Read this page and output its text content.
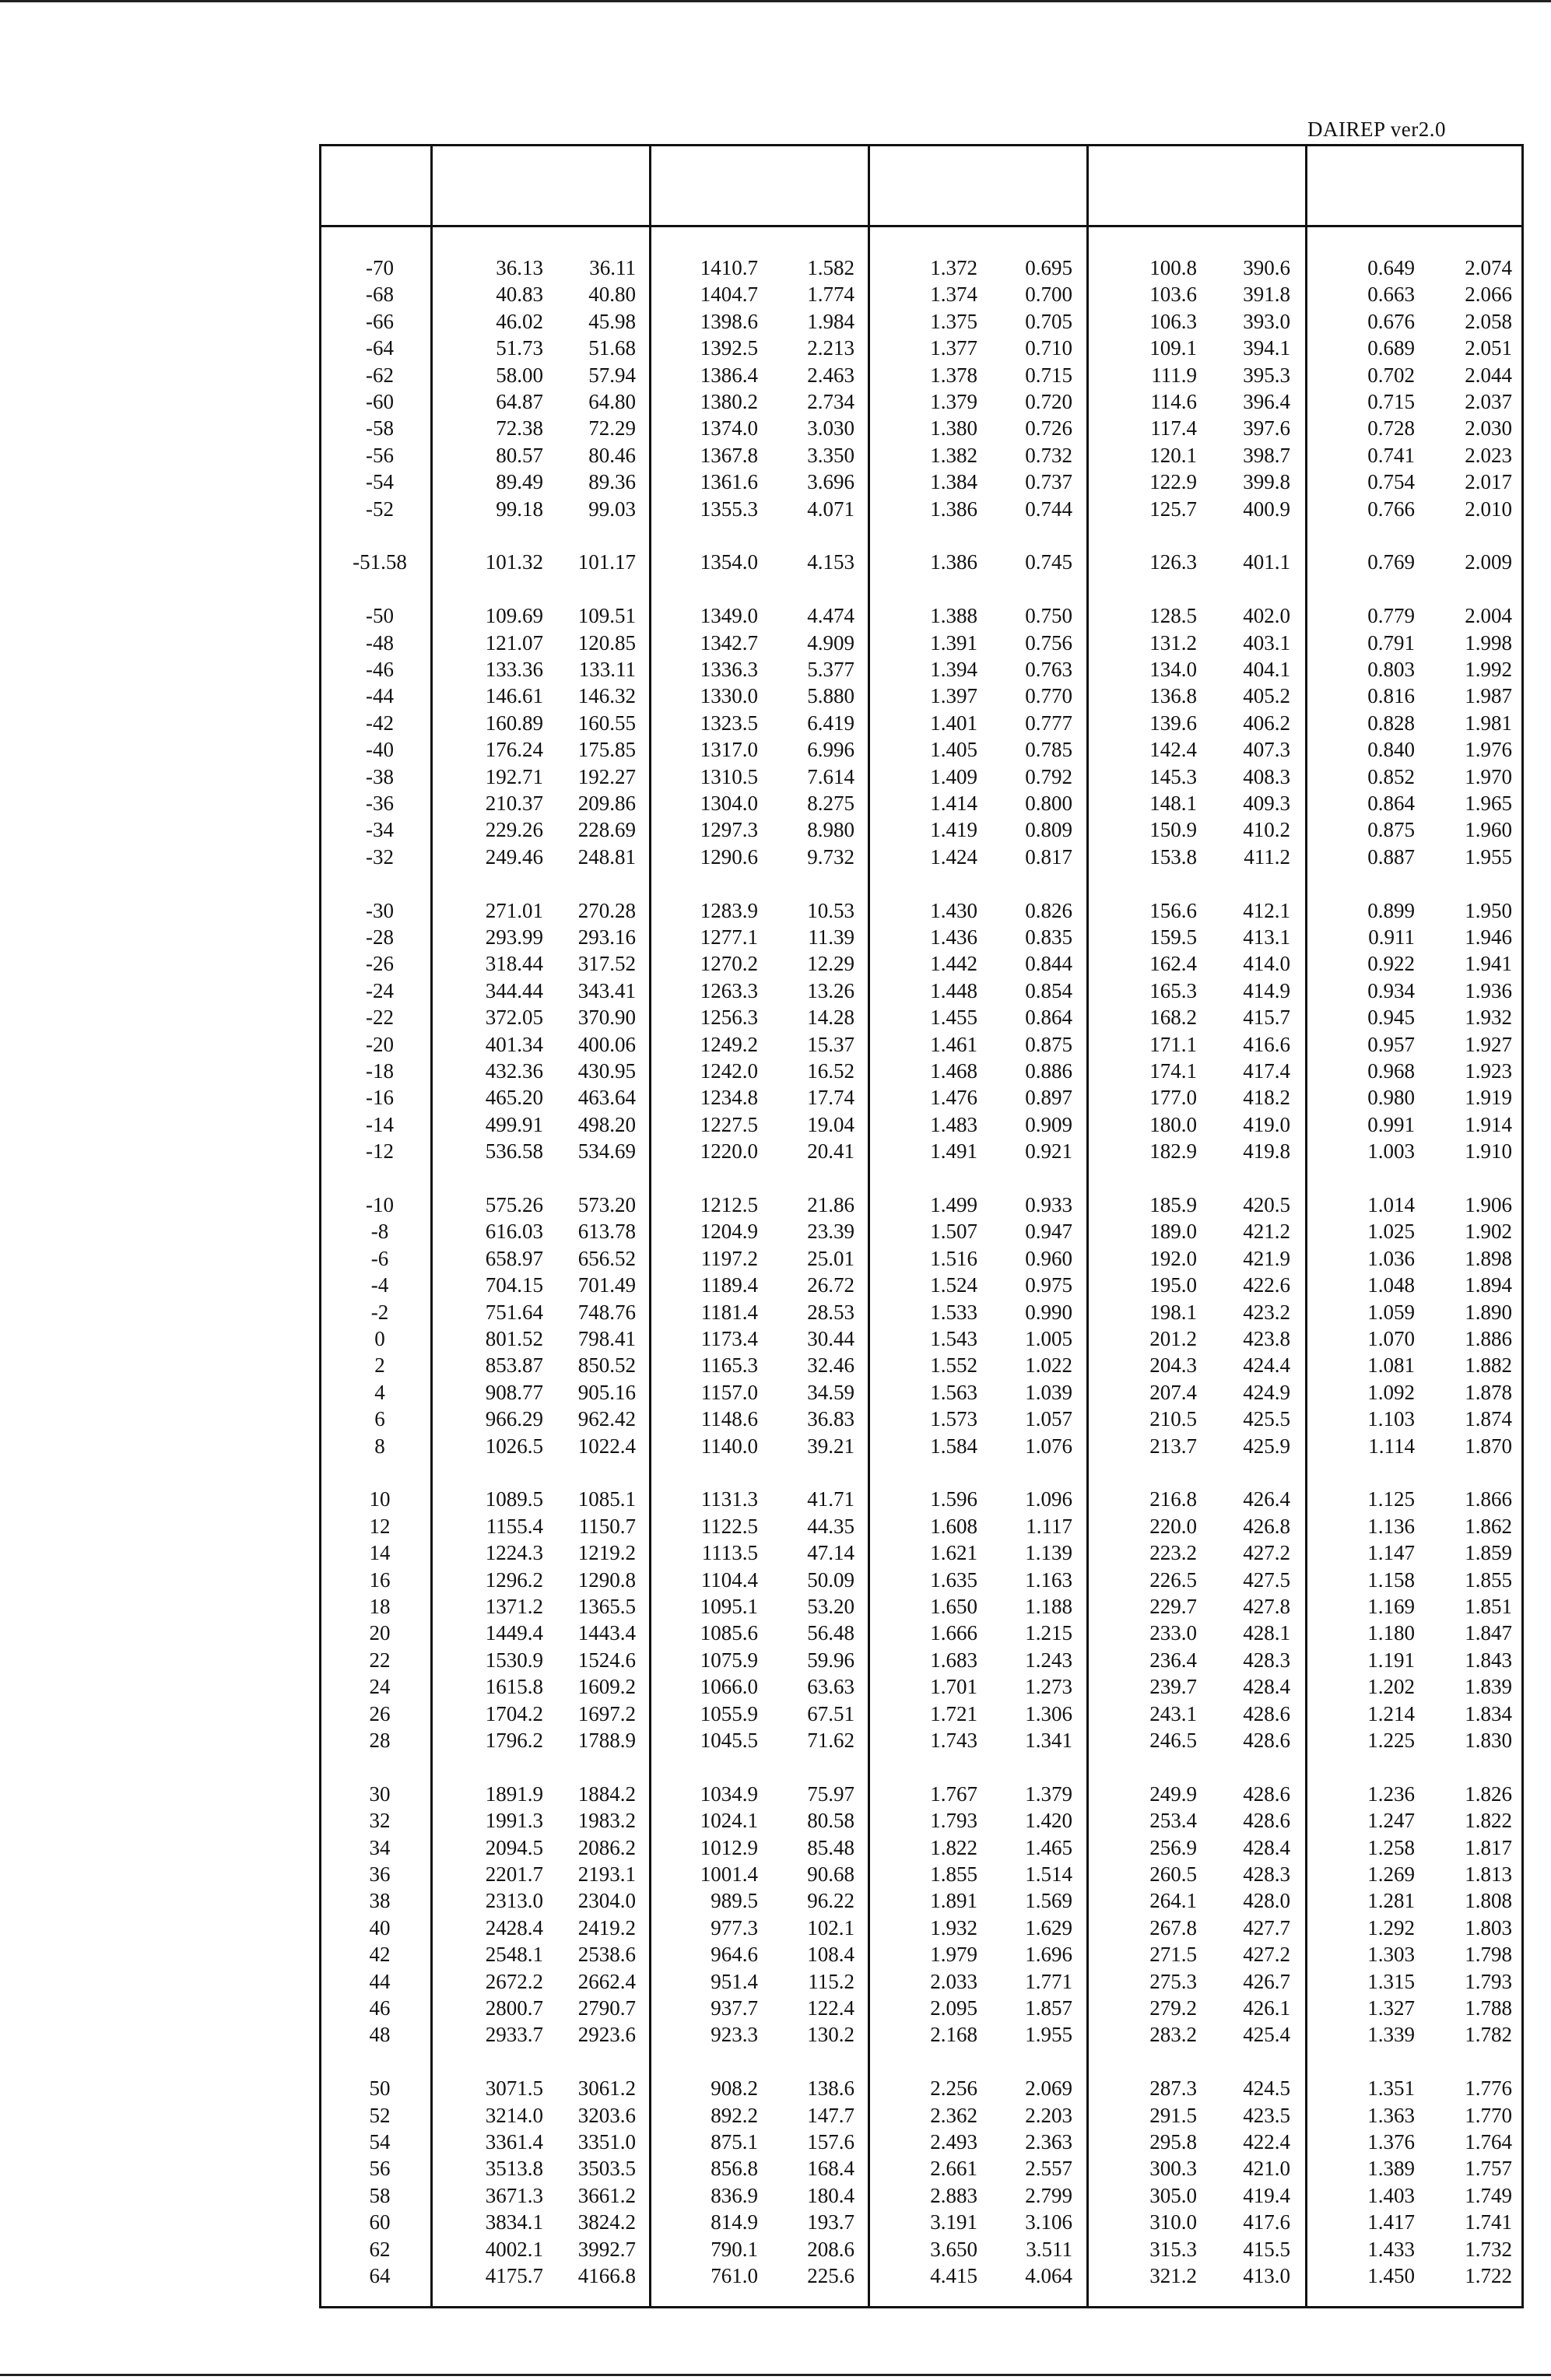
DAIREP ver2.0
-70	36.13	36.11	1410.7	1.582	1.372	0.695	100.8	390.6	0.649	2.074
-68	40.83	40.80	1404.7	1.774	1.374	0.700	103.6	391.8	0.663	2.066
-66	46.02	45.98	1398.6	1.984	1.375	0.705	106.3	393.0	0.676	2.058
-64	51.73	51.68	1392.5	2.213	1.377	0.710	109.1	394.1	0.689	2.051
-62	58.00	57.94	1386.4	2.463	1.378	0.715	111.9	395.3	0.702	2.044
-60	64.87	64.80	1380.2	2.734	1.379	0.720	114.6	396.4	0.715	2.037
-58	72.38	72.29	1374.0	3.030	1.380	0.726	117.4	397.6	0.728	2.030
-56	80.57	80.46	1367.8	3.350	1.382	0.732	120.1	398.7	0.741	2.023
-54	89.49	89.36	1361.6	3.696	1.384	0.737	122.9	399.8	0.754	2.017
-52	99.18	99.03	1355.3	4.071	1.386	0.744	125.7	400.9	0.766	2.010
-51.58	101.32	101.17	1354.0	4.153	1.386	0.745	126.3	401.1	0.769	2.009
-50	109.69	109.51	1349.0	4.474	1.388	0.750	128.5	402.0	0.779	2.004
-48	121.07	120.85	1342.7	4.909	1.391	0.756	131.2	403.1	0.791	1.998
-46	133.36	133.11	1336.3	5.377	1.394	0.763	134.0	404.1	0.803	1.992
-44	146.61	146.32	1330.0	5.880	1.397	0.770	136.8	405.2	0.816	1.987
-42	160.89	160.55	1323.5	6.419	1.401	0.777	139.6	406.2	0.828	1.981
-40	176.24	175.85	1317.0	6.996	1.405	0.785	142.4	407.3	0.840	1.976
-38	192.71	192.27	1310.5	7.614	1.409	0.792	145.3	408.3	0.852	1.970
-36	210.37	209.86	1304.0	8.275	1.414	0.800	148.1	409.3	0.864	1.965
-34	229.26	228.69	1297.3	8.980	1.419	0.809	150.9	410.2	0.875	1.960
-32	249.46	248.81	1290.6	9.732	1.424	0.817	153.8	411.2	0.887	1.955
-30	271.01	270.28	1283.9	10.53	1.430	0.826	156.6	412.1	0.899	1.950
-28	293.99	293.16	1277.1	11.39	1.436	0.835	159.5	413.1	0.911	1.946
-26	318.44	317.52	1270.2	12.29	1.442	0.844	162.4	414.0	0.922	1.941
-24	344.44	343.41	1263.3	13.26	1.448	0.854	165.3	414.9	0.934	1.936
-22	372.05	370.90	1256.3	14.28	1.455	0.864	168.2	415.7	0.945	1.932
-20	401.34	400.06	1249.2	15.37	1.461	0.875	171.1	416.6	0.957	1.927
-18	432.36	430.95	1242.0	16.52	1.468	0.886	174.1	417.4	0.968	1.923
-16	465.20	463.64	1234.8	17.74	1.476	0.897	177.0	418.2	0.980	1.919
-14	499.91	498.20	1227.5	19.04	1.483	0.909	180.0	419.0	0.991	1.914
-12	536.58	534.69	1220.0	20.41	1.491	0.921	182.9	419.8	1.003	1.910
-10	575.26	573.20	1212.5	21.86	1.499	0.933	185.9	420.5	1.014	1.906
-8	616.03	613.78	1204.9	23.39	1.507	0.947	189.0	421.2	1.025	1.902
-6	658.97	656.52	1197.2	25.01	1.516	0.960	192.0	421.9	1.036	1.898
-4	704.15	701.49	1189.4	26.72	1.524	0.975	195.0	422.6	1.048	1.894
-2	751.64	748.76	1181.4	28.53	1.533	0.990	198.1	423.2	1.059	1.890
0	801.52	798.41	1173.4	30.44	1.543	1.005	201.2	423.8	1.070	1.886
2	853.87	850.52	1165.3	32.46	1.552	1.022	204.3	424.4	1.081	1.882
4	908.77	905.16	1157.0	34.59	1.563	1.039	207.4	424.9	1.092	1.878
6	966.29	962.42	1148.6	36.83	1.573	1.057	210.5	425.5	1.103	1.874
8	1026.5	1022.4	1140.0	39.21	1.584	1.076	213.7	425.9	1.114	1.870
10	1089.5	1085.1	1131.3	41.71	1.596	1.096	216.8	426.4	1.125	1.866
12	1155.4	1150.7	1122.5	44.35	1.608	1.117	220.0	426.8	1.136	1.862
14	1224.3	1219.2	1113.5	47.14	1.621	1.139	223.2	427.2	1.147	1.859
16	1296.2	1290.8	1104.4	50.09	1.635	1.163	226.5	427.5	1.158	1.855
18	1371.2	1365.5	1095.1	53.20	1.650	1.188	229.7	427.8	1.169	1.851
20	1449.4	1443.4	1085.6	56.48	1.666	1.215	233.0	428.1	1.180	1.847
22	1530.9	1524.6	1075.9	59.96	1.683	1.243	236.4	428.3	1.191	1.843
24	1615.8	1609.2	1066.0	63.63	1.701	1.273	239.7	428.4	1.202	1.839
26	1704.2	1697.2	1055.9	67.51	1.721	1.306	243.1	428.6	1.214	1.834
28	1796.2	1788.9	1045.5	71.62	1.743	1.341	246.5	428.6	1.225	1.830
30	1891.9	1884.2	1034.9	75.97	1.767	1.379	249.9	428.6	1.236	1.826
32	1991.3	1983.2	1024.1	80.58	1.793	1.420	253.4	428.6	1.247	1.822
34	2094.5	2086.2	1012.9	85.48	1.822	1.465	256.9	428.4	1.258	1.817
36	2201.7	2193.1	1001.4	90.68	1.855	1.514	260.5	428.3	1.269	1.813
38	2313.0	2304.0	989.5	96.22	1.891	1.569	264.1	428.0	1.281	1.808
40	2428.4	2419.2	977.3	102.1	1.932	1.629	267.8	427.7	1.292	1.803
42	2548.1	2538.6	964.6	108.4	1.979	1.696	271.5	427.2	1.303	1.798
44	2672.2	2662.4	951.4	115.2	2.033	1.771	275.3	426.7	1.315	1.793
46	2800.7	2790.7	937.7	122.4	2.095	1.857	279.2	426.1	1.327	1.788
48	2933.7	2923.6	923.3	130.2	2.168	1.955	283.2	425.4	1.339	1.782
50	3071.5	3061.2	908.2	138.6	2.256	2.069	287.3	424.5	1.351	1.776
52	3214.0	3203.6	892.2	147.7	2.362	2.203	291.5	423.5	1.363	1.770
54	3361.4	3351.0	875.1	157.6	2.493	2.363	295.8	422.4	1.376	1.764
56	3513.8	3503.5	856.8	168.4	2.661	2.557	300.3	421.0	1.389	1.757
58	3671.3	3661.2	836.9	180.4	2.883	2.799	305.0	419.4	1.403	1.749
60	3834.1	3824.2	814.9	193.7	3.191	3.106	310.0	417.6	1.417	1.741
62	4002.1	3992.7	790.1	208.6	3.650	3.511	315.3	415.5	1.433	1.732
64	4175.7	4166.8	761.0	225.6	4.415	4.064	321.2	413.0	1.450	1.722
